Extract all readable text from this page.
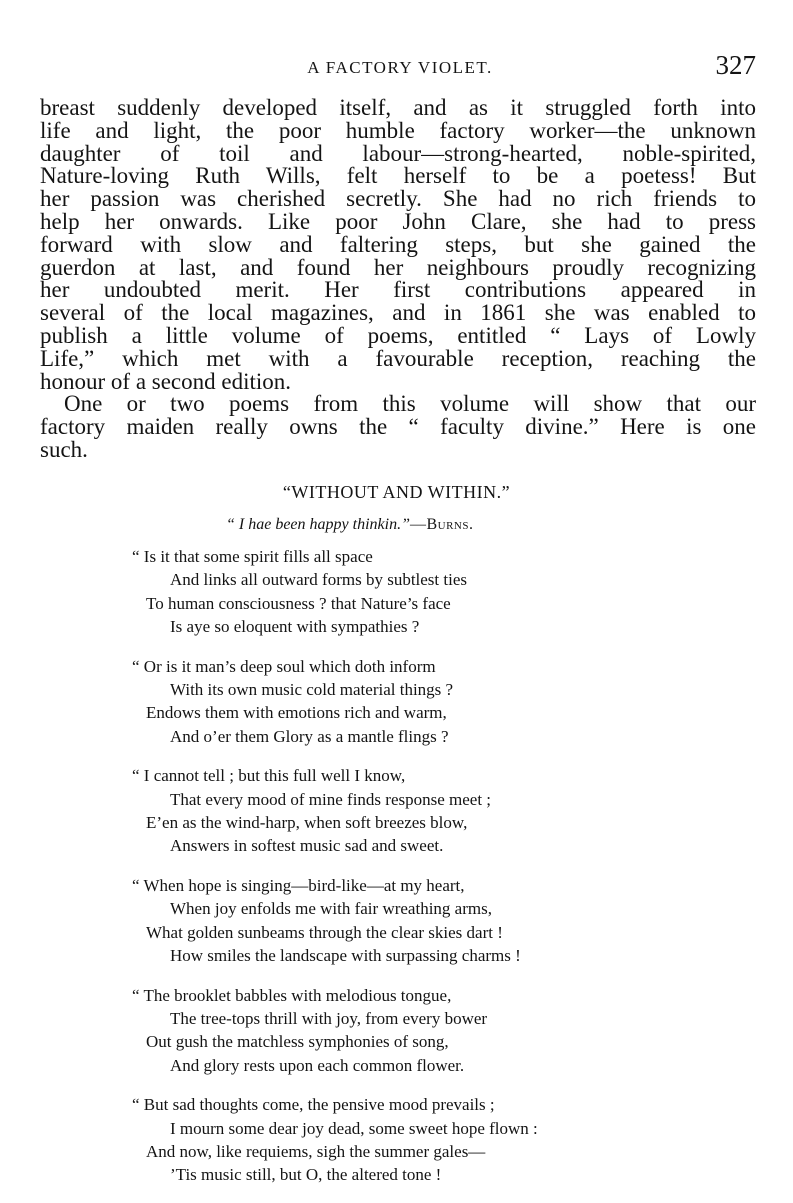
A FACTORY VIOLET.	327
breast suddenly developed itself, and as it struggled forth into
life and light, the poor humble factory worker—the unknown
daughter of toil and labour—strong-hearted, noble-spirited,
Nature-loving Ruth Wills, felt herself to be a poetess! But
her passion was cherished secretly. She had no rich friends to
help her onwards. Like poor John Clare, she had to press
forward with slow and faltering steps, but she gained the
guerdon at last, and found her neighbours proudly recognizing
her undoubted merit. Her first contributions appeared in
several of the local magazines, and in 1861 she was enabled to
publish a little volume of poems, entitled “ Lays of Lowly
Life,” which met with a favourable reception, reaching the
honour of a second edition.
One or two poems from this volume will show that our
factory maiden really owns the “ faculty divine.” Here is one
such.
“WITHOUT AND WITHIN.”
“ I hae been happy thinkin.”—Burns.
“ Is it that some spirit fills all space
And links all outward forms by subtlest ties
To human consciousness ? that Nature’s face
Is aye so eloquent with sympathies ?
“ Or is it man’s deep soul which doth inform
With its own music cold material things ?
Endows them with emotions rich and warm,
And o’er them Glory as a mantle flings ?
“ I cannot tell ; but this full well I know,
That every mood of mine finds response meet ;
E’en as the wind-harp, when soft breezes blow,
Answers in softest music sad and sweet.
“ When hope is singing—bird-like—at my heart,
When joy enfolds me with fair wreathing arms,
What golden sunbeams through the clear skies dart !
How smiles the landscape with surpassing charms !
“ The brooklet babbles with melodious tongue,
The tree-tops thrill with joy, from every bower
Out gush the matchless symphonies of song,
And glory rests upon each common flower.
“ But sad thoughts come, the pensive mood prevails ;
I mourn some dear joy dead, some sweet hope flown :
And now, like requiems, sigh the summer gales—
’Tis music still, but O, the altered tone !
